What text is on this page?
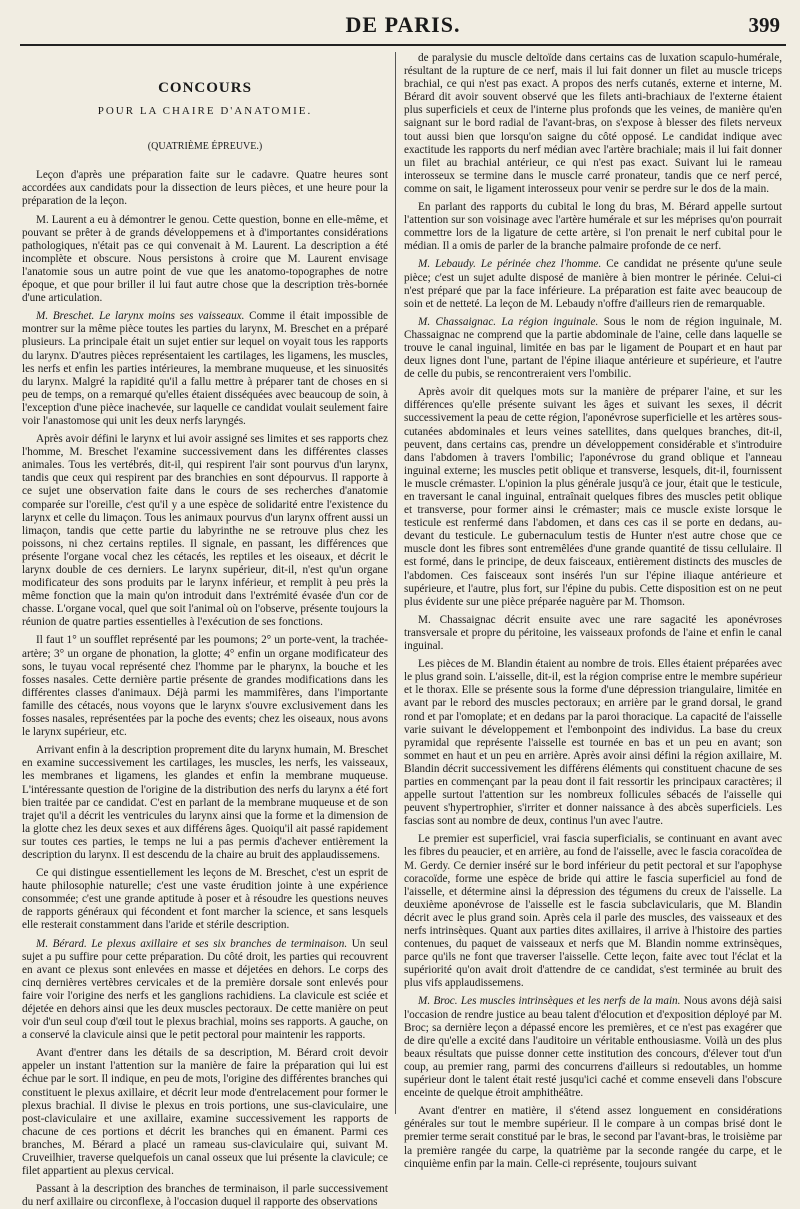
DE PARIS.	399
CONCOURS
POUR LA CHAIRE D'ANATOMIE.
(QUATRIÈME ÉPREUVE.)

Leçon d'après une préparation faite sur le cadavre. Quatre heures sont accordées aux candidats pour la dissection de leurs pièces, et une heure pour la préparation de la leçon.

M. Laurent a eu à démontrer le genou. Cette question, bonne en elle-même, et pouvant se prêter à de grands développemens et à d'importantes considérations pathologiques, n'était pas ce qui convenait à M. Laurent. La description a été incomplète et obscure. Nous persistons à croire que M. Laurent envisage l'anatomie sous un autre point de vue que les anatomo-topographes de notre époque, et que pour briller il lui faut autre chose que la description très-bornée d'une articulation.

M. Breschet. Le larynx moins ses vaisseaux. Comme il était impossible de montrer sur la même pièce toutes les parties du larynx, M. Breschet en a préparé plusieurs. La principale était un sujet entier sur lequel on voyait tous les rapports du larynx. D'autres pièces représentaient les cartilages, les ligamens, les muscles, les nerfs et enfin les parties intérieures, la membrane muqueuse, et les sinuosités du larynx. Malgré la rapidité qu'il a fallu mettre à préparer tant de choses en si peu de temps, on a remarqué qu'elles étaient disséquées avec beaucoup de soin, à l'exception d'une pièce inachevée, sur laquelle ce candidat voulait seulement faire voir l'anastomose qui unit les deux nerfs laryngés.

Après avoir défini le larynx et lui avoir assigné ses limites et ses rapports chez l'homme, M. Breschet l'examine successivement dans les différentes classes animales. Tous les vertébrés, dit-il, qui respirent l'air sont pourvus d'un larynx, tandis que ceux qui respirent par des branchies en sont dépourvus. Il rapporte à ce sujet une observation faite dans le cours de ses recherches d'anatomie comparée sur l'oreille, c'est qu'il y a une espèce de solidarité entre l'existence du larynx et celle du limaçon. Tous les animaux pourvus d'un larynx offrent aussi un limaçon, tandis que cette partie du labyrinthe ne se retrouve plus chez les poissons, ni chez certains reptiles. Il signale, en passant, les différences que présente l'organe vocal chez les cétacés, les reptiles et les oiseaux, et décrit le larynx double de ces derniers. Le larynx supérieur, dit-il, n'est qu'un organe modificateur des sons produits par le larynx inférieur, et remplit à peu près la même fonction que la main qu'on introduit dans l'extrémité évasée d'un cor de chasse. L'organe vocal, quel que soit l'animal où on l'observe, présente toujours la réunion de quatre parties essentielles à l'exécution de ses fonctions.

Il faut 1° un soufflet représenté par les poumons; 2° un porte-vent, la trachée-artère; 3° un organe de phonation, la glotte; 4° enfin un organe modificateur des sons, le tuyau vocal représenté chez l'homme par le pharynx, la bouche et les fosses nasales. Cette dernière partie présente de grandes modifications dans les différentes classes d'animaux. Déjà parmi les mammifères, dans l'importante famille des cétacés, nous voyons que le larynx s'ouvre exclusivement dans les fosses nasales, représentées par la poche des events; chez les oiseaux, nous avons le larynx supérieur, etc.

Arrivant enfin à la description proprement dite du larynx humain, M. Breschet en examine successivement les cartilages, les muscles, les nerfs, les vaisseaux, les membranes et ligamens, les glandes et enfin la membrane muqueuse. L'intéressante question de l'origine de la distribution des nerfs du larynx a été fort bien traitée par ce candidat. C'est en parlant de la membrane muqueuse et de son trajet qu'il a décrit les ventricules du larynx ainsi que la forme et la dimension de la glotte chez les deux sexes et aux différens âges. Quoiqu'il ait passé rapidement sur toutes ces parties, le temps ne lui a pas permis d'achever entièrement la description du larynx. Il est descendu de la chaire au bruit des applaudissemens.

Ce qui distingue essentiellement les leçons de M. Breschet, c'est un esprit de haute philosophie naturelle; c'est une vaste érudition jointe à une expérience consommée; c'est une grande aptitude à poser et à résoudre les questions neuves de rapports généraux qui fécondent et font marcher la science, et sans lesquels elle resterait constamment dans l'aride et stérile description.

M. Bérard. Le plexus axillaire et ses six branches de terminaison. Un seul sujet a pu suffire pour cette préparation. Du côté droit, les parties qui recouvrent en avant ce plexus sont enlevées en masse et déjetées en dehors. Le corps des cinq dernières vertèbres cervicales et de la première dorsale sont enlevés pour faire voir l'origine des nerfs et les ganglions rachidiens. La clavicule est sciée et déjetée en dehors ainsi que les deux muscles pectoraux. De cette manière on peut voir d'un seul coup d'œil tout le plexus brachial, moins ses rapports. A gauche, on a conservé la clavicule ainsi que le petit pectoral pour maintenir les rapports.

Avant d'entrer dans les détails de sa description, M. Bérard croit devoir appeler un instant l'attention sur la manière de faire la préparation qui lui est échue par le sort. Il indique, en peu de mots, l'origine des différentes branches qui constituent le plexus axillaire, et décrit leur mode d'entrelacement pour former le plexus brachial. Il divise le plexus en trois portions, une sus-claviculaire, une post-claviculaire et une axillaire, examine successivement les rapports de chacune de ces portions et décrit les branches qui en émanent. Parmi ces branches, M. Bérard a placé un rameau sus-claviculaire qui, suivant M. Cruveilhier, traverse quelquefois un canal osseux que lui présente la clavicule; ce filet appartient au plexus cervical.

Passant à la description des branches de terminaison, il parle successivement du nerf axillaire ou circonflexe, à l'occasion duquel il rapporte des observations

de paralysie du muscle deltoïde dans certains cas de luxation scapulo-humérale, résultant de la rupture de ce nerf, mais il lui fait donner un filet au muscle triceps brachial, ce qui n'est pas exact. A propos des nerfs cutanés, externe et interne, M. Bérard dit avoir souvent observé que les filets anti-brachiaux de l'externe étaient plus superficiels et ceux de l'interne plus profonds que les veines, de manière qu'en saignant sur le bord radial de l'avant-bras, on s'expose à blesser des filets nerveux tout aussi bien que lorsqu'on saigne du côté opposé. Le candidat indique avec exactitude les rapports du nerf médian avec l'artère brachiale; mais il lui fait donner un filet au brachial antérieur, ce qui n'est pas exact. Suivant lui le rameau interosseux se termine dans le muscle carré pronateur, tandis que ce nerf percé, comme on sait, le ligament interosseux pour venir se perdre sur le dos de la main.

En parlant des rapports du cubital le long du bras, M. Bérard appelle surtout l'attention sur son voisinage avec l'artère humérale et sur les méprises qu'on pourrait commettre lors de la ligature de cette artère, si l'on prenait le nerf cubital pour le médian. Il a omis de parler de la branche palmaire profonde de ce nerf.

M. Lebaudy. Le périnée chez l'homme. Ce candidat ne présente qu'une seule pièce; c'est un sujet adulte disposé de manière à bien montrer le périnée. Celui-ci n'est préparé que par la face inférieure. La préparation est faite avec beaucoup de soin et de netteté. La leçon de M. Lebaudy n'offre d'ailleurs rien de remarquable.

M. Chassaignac. La région inguinale. Sous le nom de région inguinale, M. Chassaignac ne comprend que la partie abdominale de l'aine, celle dans laquelle se trouve le canal inguinal, limitée en bas par le ligament de Poupart et en haut par deux lignes dont l'une, partant de l'épine iliaque antérieure et supérieure, et l'autre de celle du pubis, se rencontreraient vers l'ombilic.

Après avoir dit quelques mots sur la manière de préparer l'aine, et sur les différences qu'elle présente suivant les âges et suivant les sexes, il décrit successivement la peau de cette région, l'aponévrose superficielle et les artères sous-cutanées abdominales et leurs veines satellites, dans quelques branches, dit-il, peuvent, dans certains cas, prendre un développement considérable et s'introduire dans l'abdomen à travers l'ombilic; l'aponévrose du grand oblique et l'anneau inguinal externe; les muscles petit oblique et transverse, lesquels, dit-il, fournissent le muscle crémaster. L'opinion la plus générale jusqu'à ce jour, était que le testicule, en traversant le canal inguinal, entraînait quelques fibres des muscles petit oblique et transverse, pour former ainsi le crémaster; mais ce muscle existe lorsque le testicule est renfermé dans l'abdomen, et dans ces cas il se porte en dedans, au-devant du testicule. Le gubernaculum testis de Hunter n'est autre chose que ce muscle dont les fibres sont entremêlées d'une grande quantité de tissu cellulaire. Il est formé, dans le principe, de deux faisceaux, entièrement distincts des muscles de l'abdomen. Ces faisceaux sont insérés l'un sur l'épine iliaque antérieure et supérieure, et l'autre, plus fort, sur l'épine du pubis. Cette disposition est on ne peut plus évidente sur une pièce préparée naguère par M. Thomson.

M. Chassaignac décrit ensuite avec une rare sagacité les aponévroses transversale et propre du péritoine, les vaisseaux profonds de l'aine et enfin le canal inguinal.

Les pièces de M. Blandin étaient au nombre de trois. Elles étaient préparées avec le plus grand soin. L'aisselle, dit-il, est la région comprise entre le membre supérieur et le thorax. Elle se présente sous la forme d'une dépression triangulaire, limitée en avant par le rebord des muscles pectoraux; en arrière par le grand dorsal, le grand rond et par l'omoplate; et en dedans par la paroi thoracique. La capacité de l'aisselle varie suivant le développement et l'embonpoint des individus. La base du creux pyramidal que représente l'aisselle est tournée en bas et un peu en avant; son sommet en haut et un peu en arrière. Après avoir ainsi défini la région axillaire, M. Blandin décrit successivement les différens éléments qui constituent chacune de ses parties en commençant par la peau dont il fait ressortir les principaux caractères; il appelle surtout l'attention sur les nombreux follicules sébacés de l'aisselle qui peuvent s'hypertrophier, s'irriter et donner naissance à des abcès superficiels. Les fascias sont au nombre de deux, continus l'un avec l'autre.

Le premier est superficiel, vrai fascia superficialis, se continuant en avant avec les fibres du peaucier, et en arrière, au fond de l'aisselle, avec le fascia coracoïdea de M. Gerdy. Ce dernier inséré sur le bord inférieur du petit pectoral et sur l'apophyse coracoïde, forme une espèce de bride qui attire le fascia superficiel au fond de l'aisselle, et détermine ainsi la dépression des tégumens du creux de l'aisselle. La deuxième aponévrose de l'aisselle est le fascia subclavicularis, que M. Blandin décrit avec le plus grand soin. Après cela il parle des muscles, des vaisseaux et des nerfs intrinsèques. Quant aux parties dites axillaires, il arrive à l'histoire des parties contenues, du paquet de vaisseaux et nerfs que M. Blandin nomme extrinsèques, parce qu'ils ne font que traverser l'aisselle. Cette leçon, faite avec tout l'éclat et la supériorité qu'on avait droit d'attendre de ce candidat, s'est terminée au bruit des plus vifs applaudissemens.

M. Broc. Les muscles intrinsèques et les nerfs de la main. Nous avons déjà saisi l'occasion de rendre justice au beau talent d'élocution et d'exposition déployé par M. Broc; sa dernière leçon a dépassé encore les premières, et ce n'est pas exagérer que de dire qu'elle a excité dans l'auditoire un véritable enthousiasme. Voilà un des plus beaux résultats que puisse donner cette institution des concours, d'élever tout d'un coup, au premier rang, parmi des concurrens d'ailleurs si redoutables, un homme supérieur dont le talent était resté jusqu'ici caché et comme enseveli dans l'obscure enceinte de quelque étroit amphithéâtre.

Avant d'entrer en matière, il s'étend assez longuement en considérations générales sur tout le membre supérieur. Il le compare à un compas brisé dont le premier terme serait constitué par le bras, le second par l'avant-bras, le troisième par la première rangée du carpe, la quatrième par la seconde rangée du carpe, et le cinquième enfin par la main. Celle-ci représente, toujours suivant
